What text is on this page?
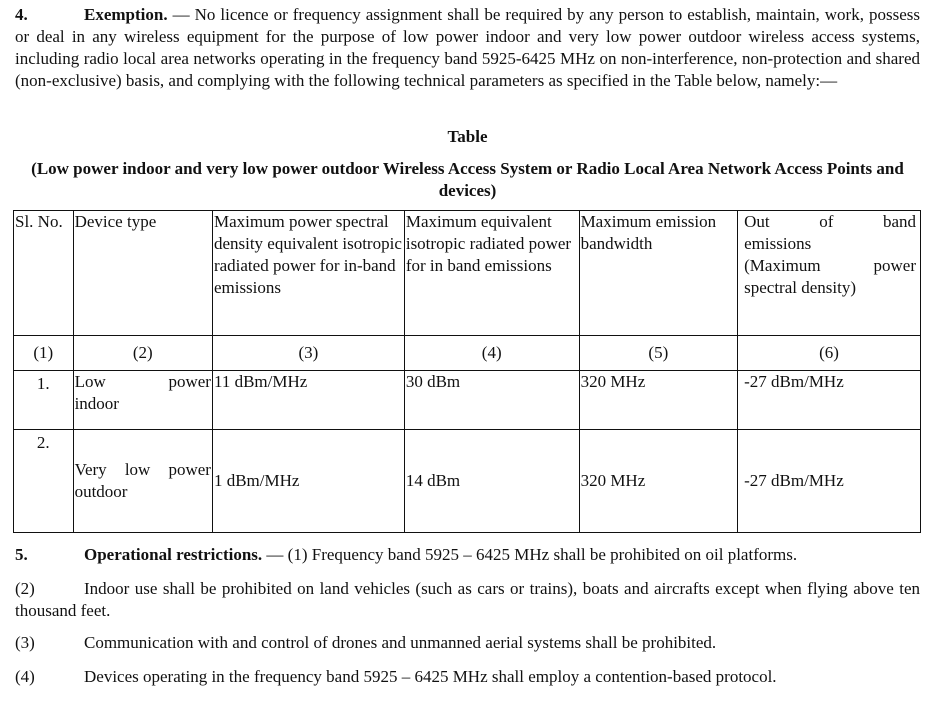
4.	Exemption. — No licence or frequency assignment shall be required by any person to establish, maintain, work, possess or deal in any wireless equipment for the purpose of low power indoor and very low power outdoor wireless access systems, including radio local area networks operating in the frequency band 5925-6425 MHz on non-interference, non-protection and shared (non-exclusive) basis, and complying with the following technical parameters as specified in the Table below, namely:—

Table

(Low power indoor and very low power outdoor Wireless Access System or Radio Local Area Network Access Points and devices)

Sl. No.	Device type	Maximum power spectral density equivalent isotropic radiated power for in-band emissions	Maximum equivalent isotropic radiated power for in band emissions	Maximum emission bandwidth	Out of band
emissions
(Maximum power
spectral density)

(1)	(2)	(3)	(4)	(5)	(6)
1.	Low power
indoor	11 dBm/MHz	30 dBm	320 MHz	-27 dBm/MHz
2.	Very low power
outdoor	1 dBm/MHz	14 dBm	320 MHz	-27 dBm/MHz

5.	Operational restrictions. — (1) Frequency band 5925 – 6425 MHz shall be prohibited on oil platforms.

(2)	Indoor use shall be prohibited on land vehicles (such as cars or trains), boats and aircrafts except when flying above ten thousand feet.

(3)	Communication with and control of drones and unmanned aerial systems shall be prohibited.

(4)	Devices operating in the frequency band 5925 – 6425 MHz shall employ a contention-based protocol.
